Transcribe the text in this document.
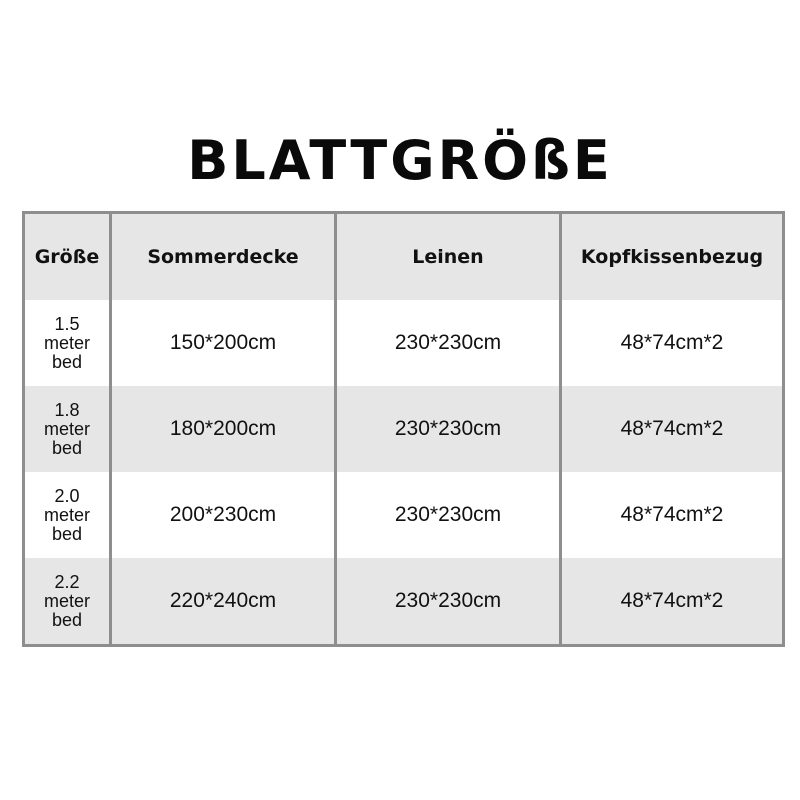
BLATTGRÖßE
Größe	Sommerdecke	Leinen	Kopfkissenbezug

1.5
meter
bed	150*200cm	230*230cm	48*74cm*2

1.8
meter
bed	180*200cm	230*230cm	48*74cm*2

2.0
meter
bed	200*230cm	230*230cm	48*74cm*2

2.2
meter
bed	220*240cm	230*230cm	48*74cm*2
